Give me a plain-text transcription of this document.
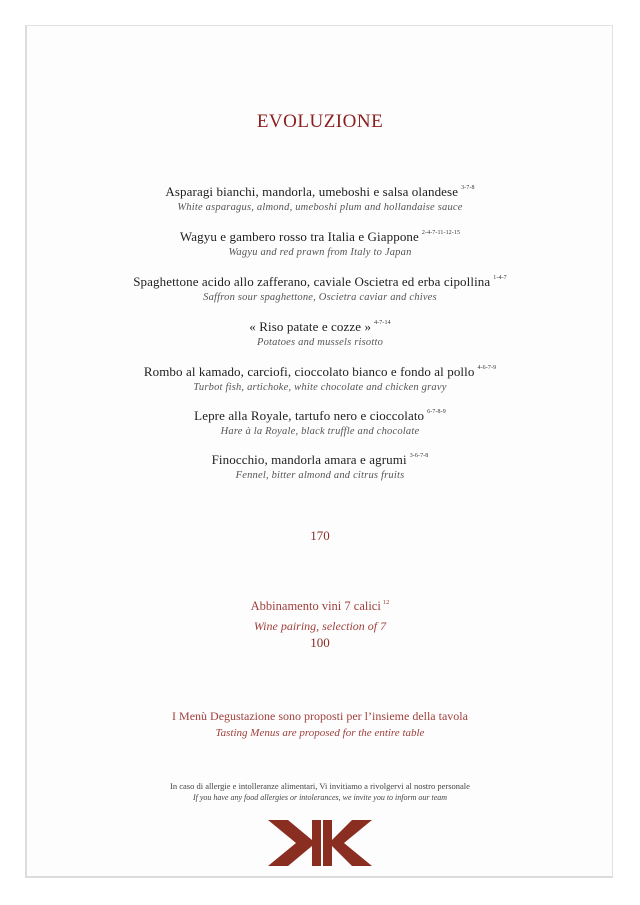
EVOLUZIONE
Asparagi bianchi, mandorla, umeboshi e salsa olandese $^{3-7-8}$
White asparagus, almond, umeboshi plum and hollandaise sauce
Wagyu e gambero rosso tra Italia e Giappone $^{2-4-7-11-12-15}$
Wagyu and red prawn from Italy to Japan
Spaghettone acido allo zafferano, caviale Oscietra ed erba cipollina $^{1-4-7}$
Saffron sour spaghettone, Oscietra caviar and chives
« Riso patate e cozze » $^{4-7-14}$
Potatoes and mussels risotto
Rombo al kamado, carciofi, cioccolato bianco e fondo al pollo $^{4-6-7-9}$
Turbot fish, artichoke, white chocolate and chicken gravy
Lepre alla Royale, tartufo nero e cioccolato $^{6-7-8-9}$
Hare à la Royale, black truffle and chocolate
Finocchio, mandorla amara e agrumi $^{3-6-7-8}$
Fennel, bitter almond and citrus fruits
170
Abbinamento vini 7 calici $^{12}$
Wine pairing, selection of 7
100
I Menù Degustazione sono proposti per l’insieme della tavola
Tasting Menus are proposed for the entire table
In caso di allergie e intolleranze alimentari, Vi invitiamo a rivolgervi al nostro personale
If you have any food allergies or intolerances, we invite you to inform our team
